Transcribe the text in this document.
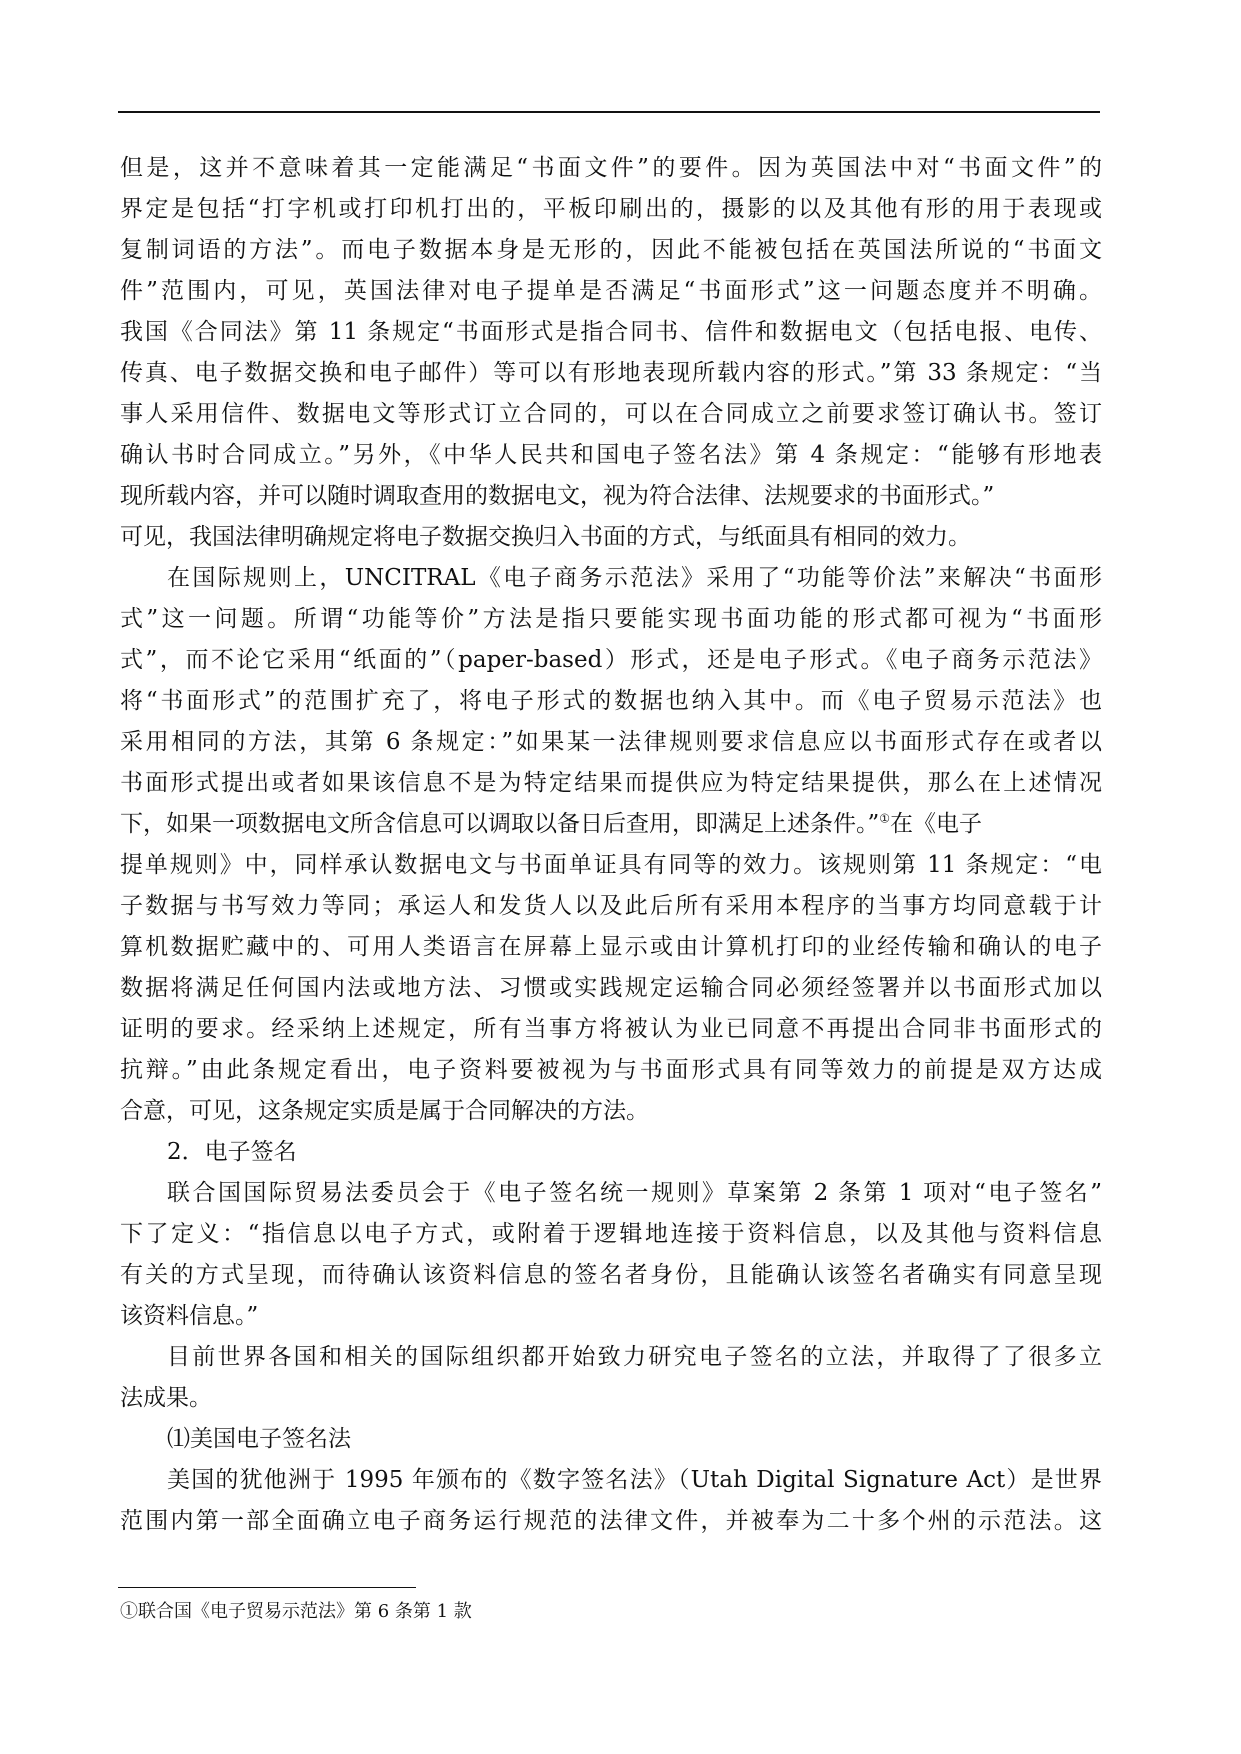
但是，这并不意味着其一定能满足“书面文件”的要件。因为英国法中对“书面文件”的
界定是包括“打字机或打印机打出的，平板印刷出的，摄影的以及其他有形的用于表现或
复制词语的方法”。而电子数据本身是无形的，因此不能被包括在英国法所说的“书面文
件”范围内，可见，英国法律对电子提单是否满足“书面形式”这一问题态度并不明确。
我国《合同法》第 11 条规定“书面形式是指合同书、信件和数据电文（包括电报、电传、
传真、电子数据交换和电子邮件）等可以有形地表现所载内容的形式。”第 33 条规定：“当
事人采用信件、数据电文等形式订立合同的，可以在合同成立之前要求签订确认书。签订
确认书时合同成立。”另外，《中华人民共和国电子签名法》第 4 条规定：“能够有形地表
现所载内容，并可以随时调取查用的数据电文，视为符合法律、法规要求的书面形式。”
可见，我国法律明确规定将电子数据交换归入书面的方式，与纸面具有相同的效力。
在国际规则上，UNCITRAL《电子商务示范法》采用了“功能等价法”来解决“书面形
式”这一问题。所谓“功能等价”方法是指只要能实现书面功能的形式都可视为“书面形
式”，而不论它采用“纸面的”（paper-based）形式，还是电子形式。《电子商务示范法》
将“书面形式”的范围扩充了，将电子形式的数据也纳入其中。而《电子贸易示范法》也
采用相同的方法，其第 6 条规定：”如果某一法律规则要求信息应以书面形式存在或者以
书面形式提出或者如果该信息不是为特定结果而提供应为特定结果提供，那么在上述情况
下，如果一项数据电文所含信息可以调取以备日后查用，即满足上述条件。”①在《电子
提单规则》中，同样承认数据电文与书面单证具有同等的效力。该规则第 11 条规定：“电
子数据与书写效力等同；承运人和发货人以及此后所有采用本程序的当事方均同意载于计
算机数据贮藏中的、可用人类语言在屏幕上显示或由计算机打印的业经传输和确认的电子
数据将满足任何国内法或地方法、习惯或实践规定运输合同必须经签署并以书面形式加以
证明的要求。经采纳上述规定，所有当事方将被认为业已同意不再提出合同非书面形式的
抗辩。”由此条规定看出，电子资料要被视为与书面形式具有同等效力的前提是双方达成
合意，可见，这条规定实质是属于合同解决的方法。
2．电子签名
联合国国际贸易法委员会于《电子签名统一规则》草案第 2 条第 1 项对“电子签名”
下了定义：“指信息以电子方式，或附着于逻辑地连接于资料信息，以及其他与资料信息
有关的方式呈现，而待确认该资料信息的签名者身份，且能确认该签名者确实有同意呈现
该资料信息。”
目前世界各国和相关的国际组织都开始致力研究电子签名的立法，并取得了了很多立
法成果。
⑴美国电子签名法
美国的犹他洲于 1995 年颁布的《数字签名法》（Utah Digital Signature Act）是世界
范围内第一部全面确立电子商务运行规范的法律文件，并被奉为二十多个州的示范法。这
①联合国《电子贸易示范法》第 6 条第 1 款
